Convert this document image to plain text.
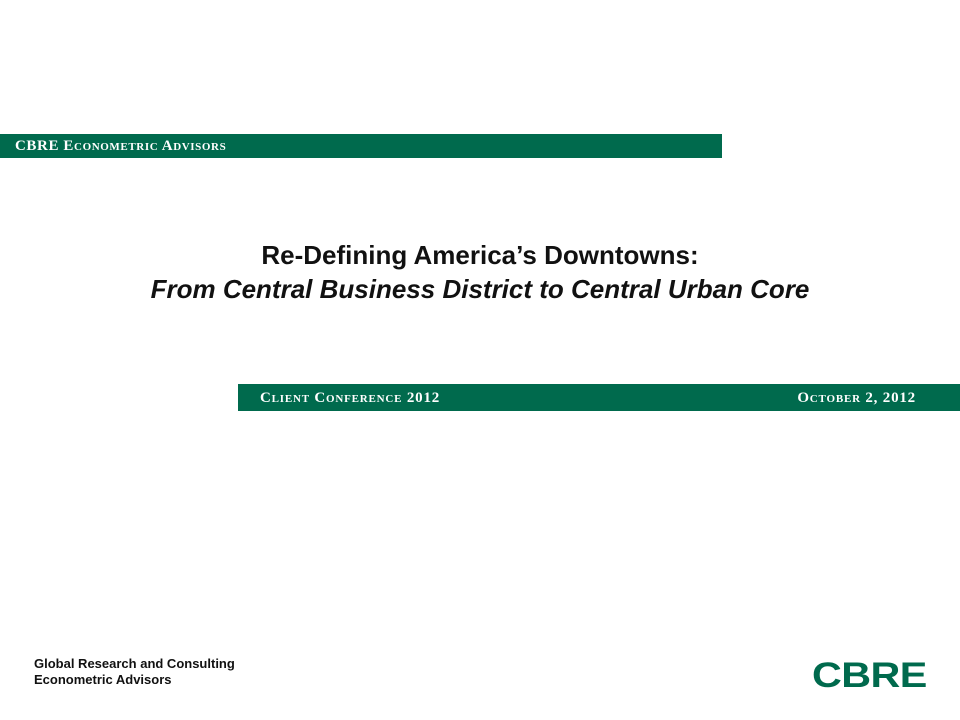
CBRE Econometric Advisors
Re-Defining America’s Downtowns:
From Central Business District to Central Urban Core
Client Conference 2012	October 2, 2012
Global Research and Consulting
Econometric Advisors	CBRE
